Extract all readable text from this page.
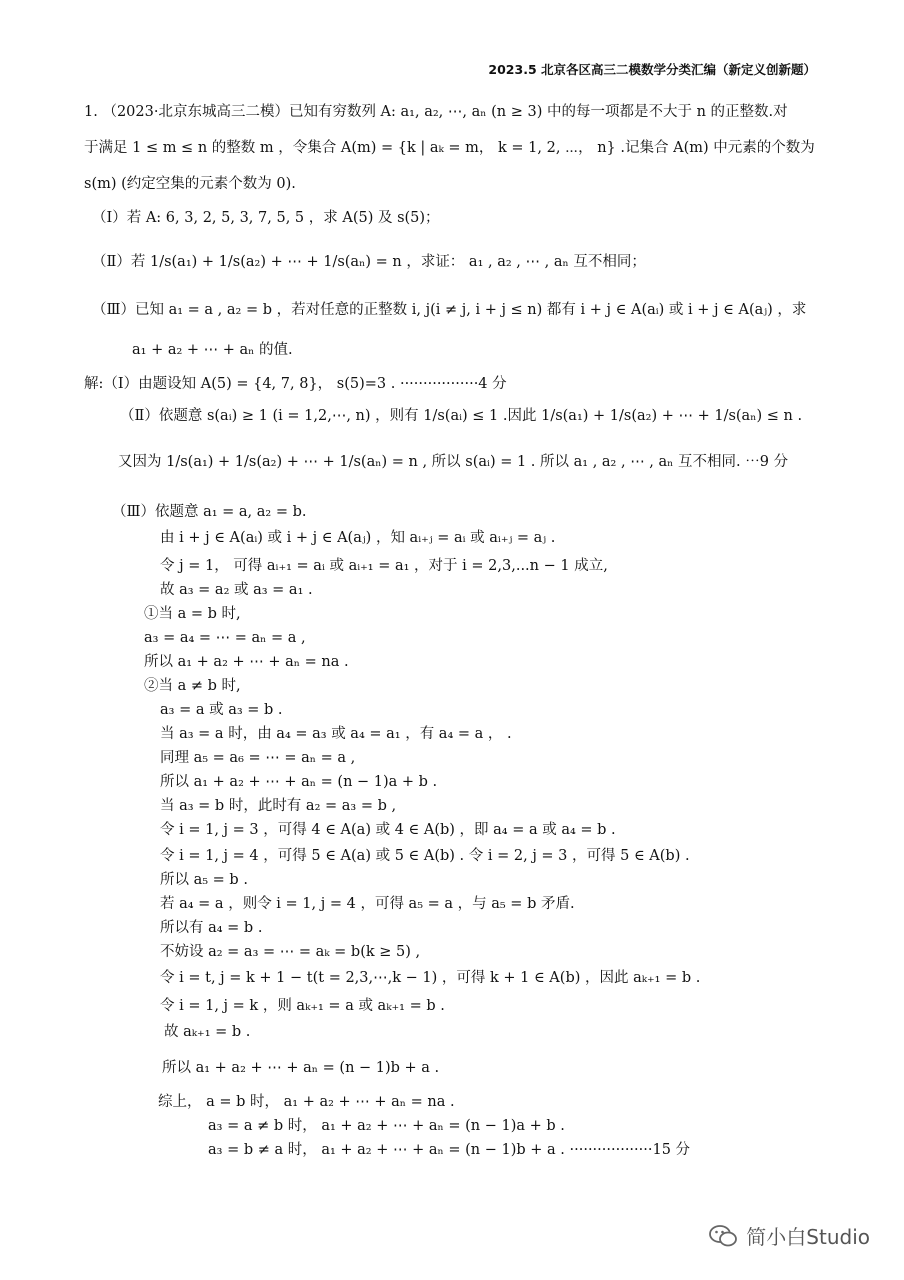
2023.5 北京各区高三二模数学分类汇编（新定义创新题）
1. （2023·北京东城高三二模）已知有穷数列 A: a₁, a₂, ⋯, aₙ (n ≥ 3) 中的每一项都是不大于 n 的正整数.对
于满足 1 ≤ m ≤ n 的整数 m ，令集合 A(m) = {k | aₖ = m， k = 1, 2, ⋯， n} .记集合 A(m) 中元素的个数为
s(m) (约定空集的元素个数为 0).
（Ⅰ）若 A: 6, 3, 2, 5, 3, 7, 5, 5 ，求 A(5) 及 s(5)；
（Ⅱ）若 1/s(a₁) + 1/s(a₂) + ⋯ + 1/s(aₙ) = n ，求证： a₁ , a₂ , ⋯ , aₙ 互不相同；
（Ⅲ）已知 a₁ = a , a₂ = b ，若对任意的正整数 i, j(i ≠ j, i + j ≤ n) 都有 i + j ∈ A(aᵢ) 或 i + j ∈ A(aⱼ) ，求
a₁ + a₂ + ⋯ + aₙ 的值.
解:（Ⅰ）由题设知 A(5) = {4, 7, 8}， s(5)=3 . ·················4 分
（Ⅱ）依题意 s(aᵢ) ≥ 1 (i = 1,2,⋯, n) ，则有 1/s(aᵢ) ≤ 1 .因此 1/s(a₁) + 1/s(a₂) + ⋯ + 1/s(aₙ) ≤ n .
又因为 1/s(a₁) + 1/s(a₂) + ⋯ + 1/s(aₙ) = n , 所以 s(aᵢ) = 1 . 所以 a₁ , a₂ , ⋯ , aₙ 互不相同. ⋯9 分
（Ⅲ）依题意 a₁ = a, a₂ = b.
由 i + j ∈ A(aᵢ) 或 i + j ∈ A(aⱼ) ，知 aᵢ₊ⱼ = aᵢ 或 aᵢ₊ⱼ = aⱼ .
令 j = 1， 可得 aᵢ₊₁ = aᵢ 或 aᵢ₊₁ = a₁ ，对于 i = 2,3,...n − 1 成立,
故 a₃ = a₂ 或 a₃ = a₁ .
①当 a = b 时,
a₃ = a₄ = ⋯ = aₙ = a ,
所以 a₁ + a₂ + ⋯ + aₙ = na .
②当 a ≠ b 时,
a₃ = a 或 a₃ = b .
当 a₃ = a 时，由 a₄ = a₃ 或 a₄ = a₁ ，有 a₄ = a ， .
同理 a₅ = a₆ = ⋯ = aₙ = a ,
所以 a₁ + a₂ + ⋯ + aₙ = (n − 1)a + b .
当 a₃ = b 时，此时有 a₂ = a₃ = b ,
令 i = 1, j = 3 ，可得 4 ∈ A(a) 或 4 ∈ A(b) ，即 a₄ = a 或 a₄ = b .
令 i = 1, j = 4 ，可得 5 ∈ A(a) 或 5 ∈ A(b) . 令 i = 2, j = 3 ，可得 5 ∈ A(b) .
所以 a₅ = b .
若 a₄ = a ，则令 i = 1, j = 4 ，可得 a₅ = a ，与 a₅ = b 矛盾.
所以有 a₄ = b .
不妨设 a₂ = a₃ = ⋯ = aₖ = b(k ≥ 5) ,
令 i = t, j = k + 1 − t(t = 2,3,⋯,k − 1) ，可得 k + 1 ∈ A(b) ，因此 aₖ₊₁ = b .
令 i = 1, j = k ，则 aₖ₊₁ = a 或 aₖ₊₁ = b .
故 aₖ₊₁ = b .
所以 a₁ + a₂ + ⋯ + aₙ = (n − 1)b + a .
综上， a = b 时， a₁ + a₂ + ⋯ + aₙ = na .
a₃ = a ≠ b 时， a₁ + a₂ + ⋯ + aₙ = (n − 1)a + b .
a₃ = b ≠ a 时， a₁ + a₂ + ⋯ + aₙ = (n − 1)b + a . ··················15 分
简小白Studio
